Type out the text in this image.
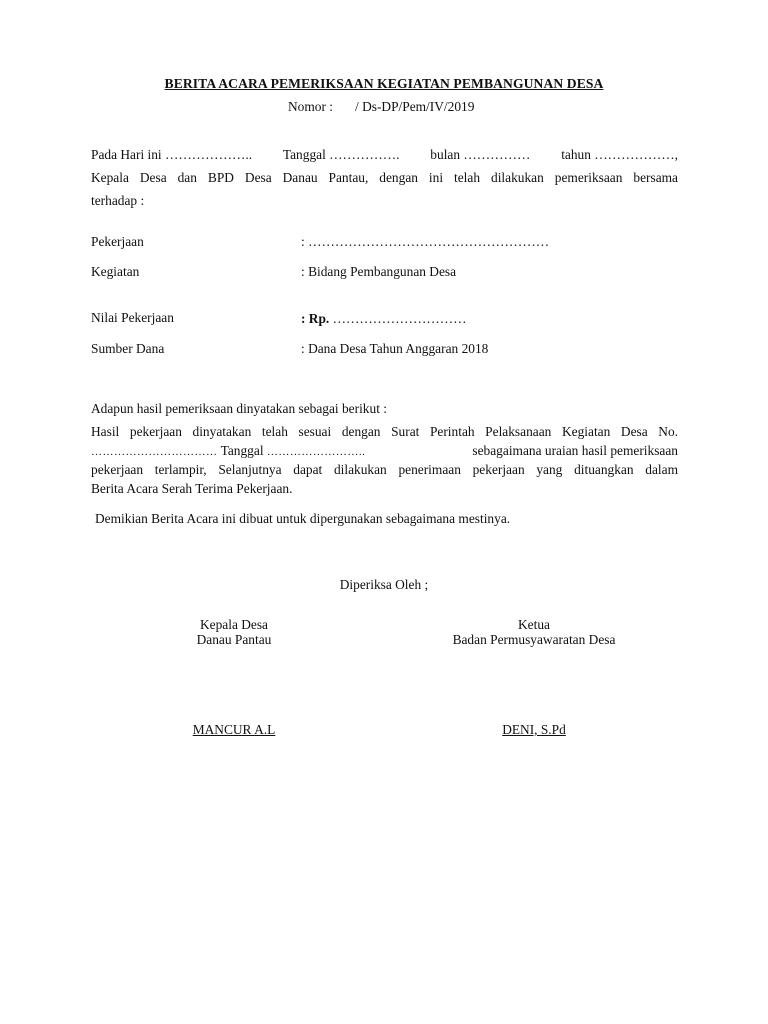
BERITA ACARA PEMERIKSAAN KEGIATAN PEMBANGUNAN DESA
Nomor : / Ds-DP/Pem/IV/2019
Pada Hari ini ……………….. Tanggal ……………. bulan …………… tahun ………………,
Kepala Desa dan BPD Desa Danau Pantau, dengan ini telah dilakukan pemeriksaan bersama
terhadap :
Pekerjaan	: ………………………………………………
Kegiatan	: Bidang Pembangunan Desa
Nilai Pekerjaan	: Rp. …………………………
Sumber Dana	: Dana Desa Tahun Anggaran 2018
Adapun hasil pemeriksaan dinyatakan sebagai berikut :
Hasil pekerjaan dinyatakan telah sesuai dengan Surat Perintah Pelaksanaan Kegiatan Desa No.
…………………………… Tanggal ……………………..	sebagaimana uraian hasil pemeriksaan
pekerjaan terlampir, Selanjutnya dapat dilakukan penerimaan pekerjaan yang dituangkan dalam
Berita Acara Serah Terima Pekerjaan.
Demikian Berita Acara ini dibuat untuk dipergunakan sebagaimana mestinya.
Diperiksa Oleh ;
Kepala Desa
Danau Pantau
MANCUR A.L
Ketua
Badan Permusyawaratan Desa
DENI, S.Pd
